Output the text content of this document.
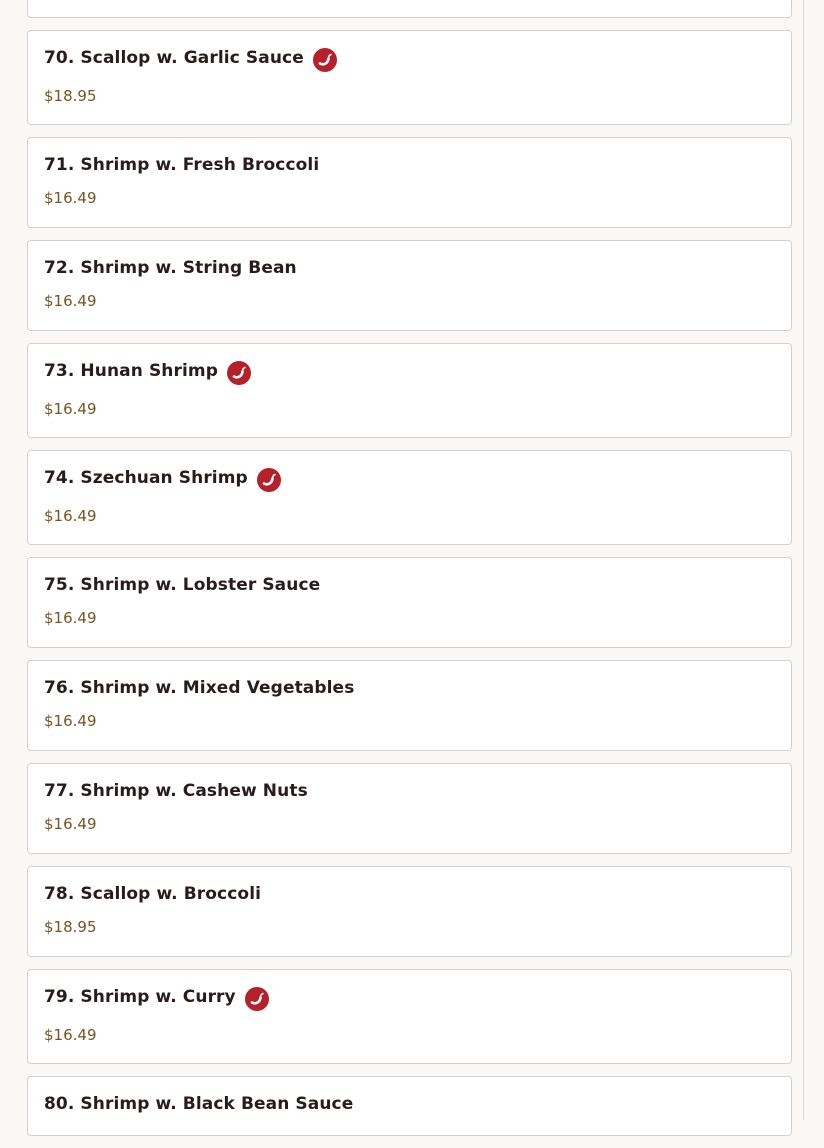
70. Scallop w. Garlic Sauce
$18.95
71. Shrimp w. Fresh Broccoli
$16.49
72. Shrimp w. String Bean
$16.49
73. Hunan Shrimp
$16.49
74. Szechuan Shrimp
$16.49
75. Shrimp w. Lobster Sauce
$16.49
76. Shrimp w. Mixed Vegetables
$16.49
77. Shrimp w. Cashew Nuts
$16.49
78. Scallop w. Broccoli
$18.95
79. Shrimp w. Curry
$16.49
80. Shrimp w. Black Bean Sauce
